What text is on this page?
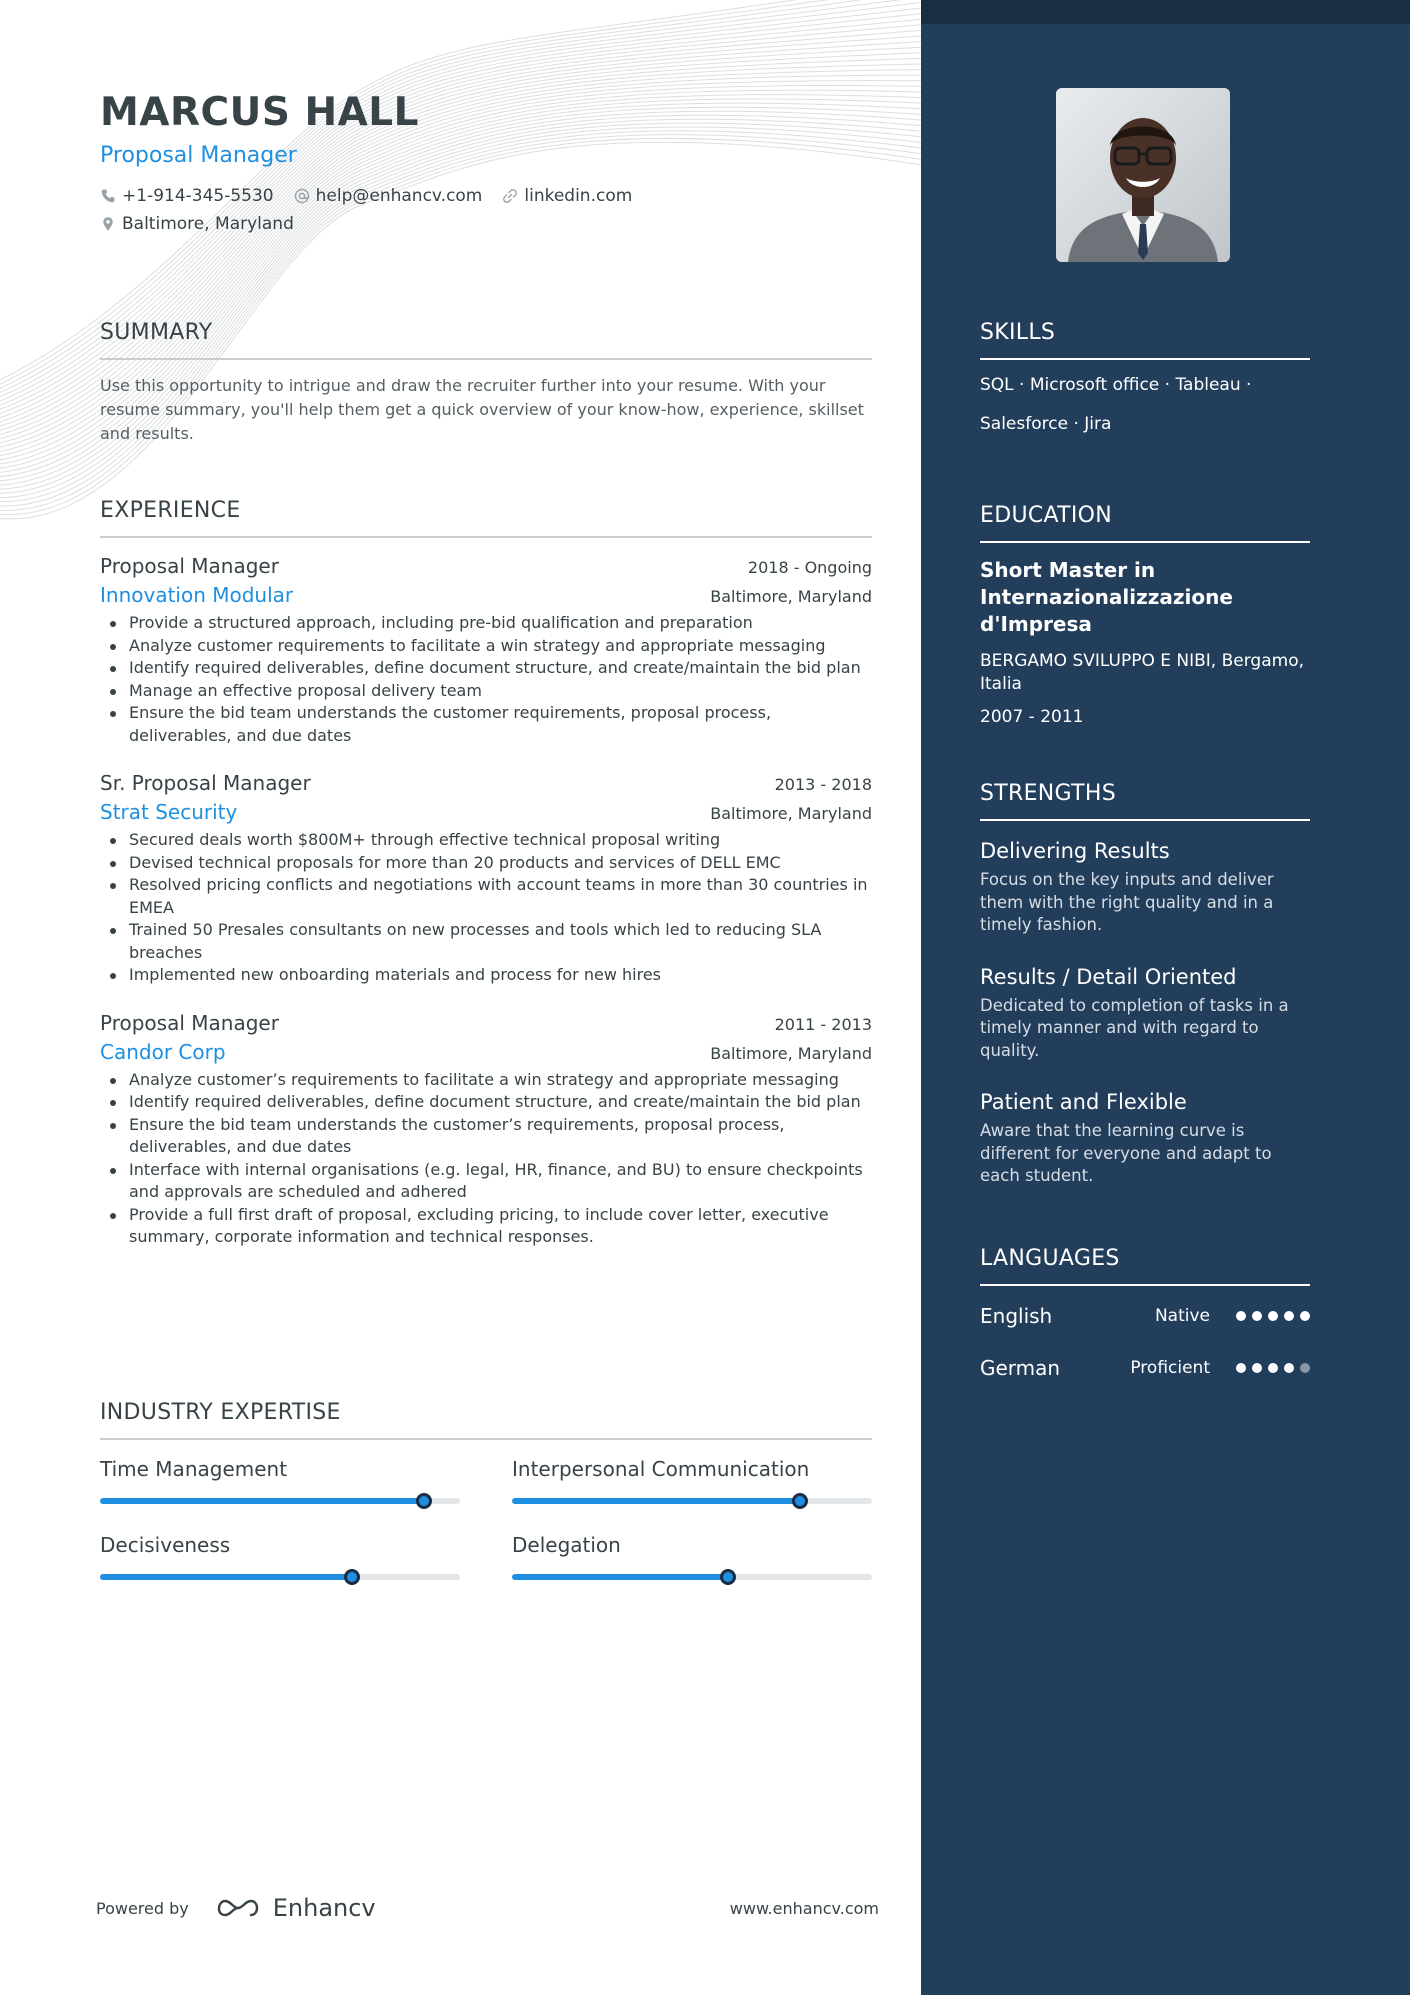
MARCUS HALL
Proposal Manager
+1-914-345-5530 help@enhancv.com linkedin.com
Baltimore, Maryland
SUMMARY
Use this opportunity to intrigue and draw the recruiter further into your resume. With your resume summary, you'll help them get a quick overview of your know-how, experience, skillset and results.
EXPERIENCE
Proposal Manager	2018 - Ongoing
Innovation Modular	Baltimore, Maryland
Provide a structured approach, including pre-bid qualification and preparation
Analyze customer requirements to facilitate a win strategy and appropriate messaging
Identify required deliverables, define document structure, and create/maintain the bid plan
Manage an effective proposal delivery team
Ensure the bid team understands the customer requirements, proposal process, deliverables, and due dates
Sr. Proposal Manager	2013 - 2018
Strat Security	Baltimore, Maryland
Secured deals worth $800M+ through effective technical proposal writing
Devised technical proposals for more than 20 products and services of DELL EMC
Resolved pricing conflicts and negotiations with account teams in more than 30 countries in EMEA
Trained 50 Presales consultants on new processes and tools which led to reducing SLA breaches
Implemented new onboarding materials and process for new hires
Proposal Manager	2011 - 2013
Candor Corp	Baltimore, Maryland
Analyze customer’s requirements to facilitate a win strategy and appropriate messaging
Identify required deliverables, define document structure, and create/maintain the bid plan
Ensure the bid team understands the customer’s requirements, proposal process, deliverables, and due dates
Interface with internal organisations (e.g. legal, HR, finance, and BU) to ensure checkpoints and approvals are scheduled and adhered
Provide a full first draft of proposal, excluding pricing, to include cover letter, executive summary, corporate information and technical responses.
INDUSTRY EXPERTISE
Time Management	Interpersonal Communication
Decisiveness	Delegation
Powered by	Enhancv	www.enhancv.com
SKILLS
SQL · Microsoft office · Tableau ·
Salesforce · Jira
EDUCATION
Short Master in Internazionalizzazione d'Impresa
BERGAMO SVILUPPO E NIBI, Bergamo, Italia
2007 - 2011
STRENGTHS
Delivering Results
Focus on the key inputs and deliver them with the right quality and in a timely fashion.
Results / Detail Oriented
Dedicated to completion of tasks in a timely manner and with regard to quality.
Patient and Flexible
Aware that the learning curve is different for everyone and adapt to each student.
LANGUAGES
English	Native
German	Proficient
